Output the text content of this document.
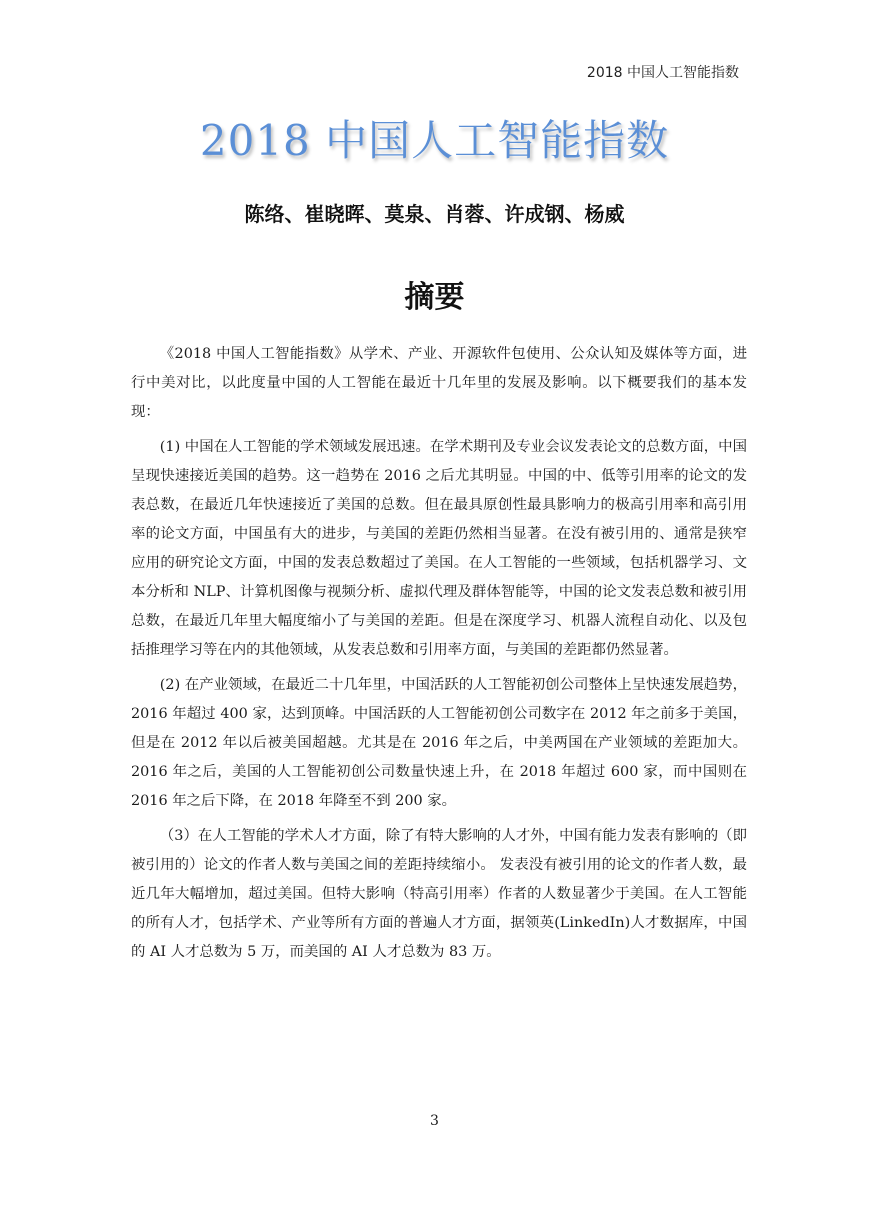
2018 中国人工智能指数
2018 中国人工智能指数
陈络、崔晓晖、莫泉、肖蓉、许成钢、杨威
摘要

《2018 中国人工智能指数》从学术、产业、开源软件包使用、公众认知及媒体等方面，进行中美对比，以此度量中国的人工智能在最近十几年里的发展及影响。以下概要我们的基本发现：

(1) 中国在人工智能的学术领域发展迅速。在学术期刊及专业会议发表论文的总数方面，中国呈现快速接近美国的趋势。这一趋势在 2016 之后尤其明显。中国的中、低等引用率的论文的发表总数，在最近几年快速接近了美国的总数。但在最具原创性最具影响力的极高引用率和高引用率的论文方面，中国虽有大的进步，与美国的差距仍然相当显著。在没有被引用的、通常是狭窄应用的研究论文方面，中国的发表总数超过了美国。在人工智能的一些领域，包括机器学习、文本分析和 NLP、计算机图像与视频分析、虚拟代理及群体智能等，中国的论文发表总数和被引用总数，在最近几年里大幅度缩小了与美国的差距。但是在深度学习、机器人流程自动化、以及包括推理学习等在内的其他领域，从发表总数和引用率方面，与美国的差距都仍然显著。

(2) 在产业领域，在最近二十几年里，中国活跃的人工智能初创公司整体上呈快速发展趋势，2016 年超过 400 家，达到顶峰。中国活跃的人工智能初创公司数字在 2012 年之前多于美国，但是在 2012 年以后被美国超越。尤其是在 2016 年之后，中美两国在产业领域的差距加大。2016 年之后，美国的人工智能初创公司数量快速上升，在 2018 年超过 600 家，而中国则在 2016 年之后下降，在 2018 年降至不到 200 家。

（3）在人工智能的学术人才方面，除了有特大影响的人才外，中国有能力发表有影响的（即被引用的）论文的作者人数与美国之间的差距持续缩小。 发表没有被引用的论文的作者人数，最近几年大幅增加，超过美国。但特大影响（特高引用率）作者的人数显著少于美国。在人工智能的所有人才，包括学术、产业等所有方面的普遍人才方面，据领英(LinkedIn)人才数据库，中国的 AI 人才总数为 5 万，而美国的 AI 人才总数为 83 万。

3
